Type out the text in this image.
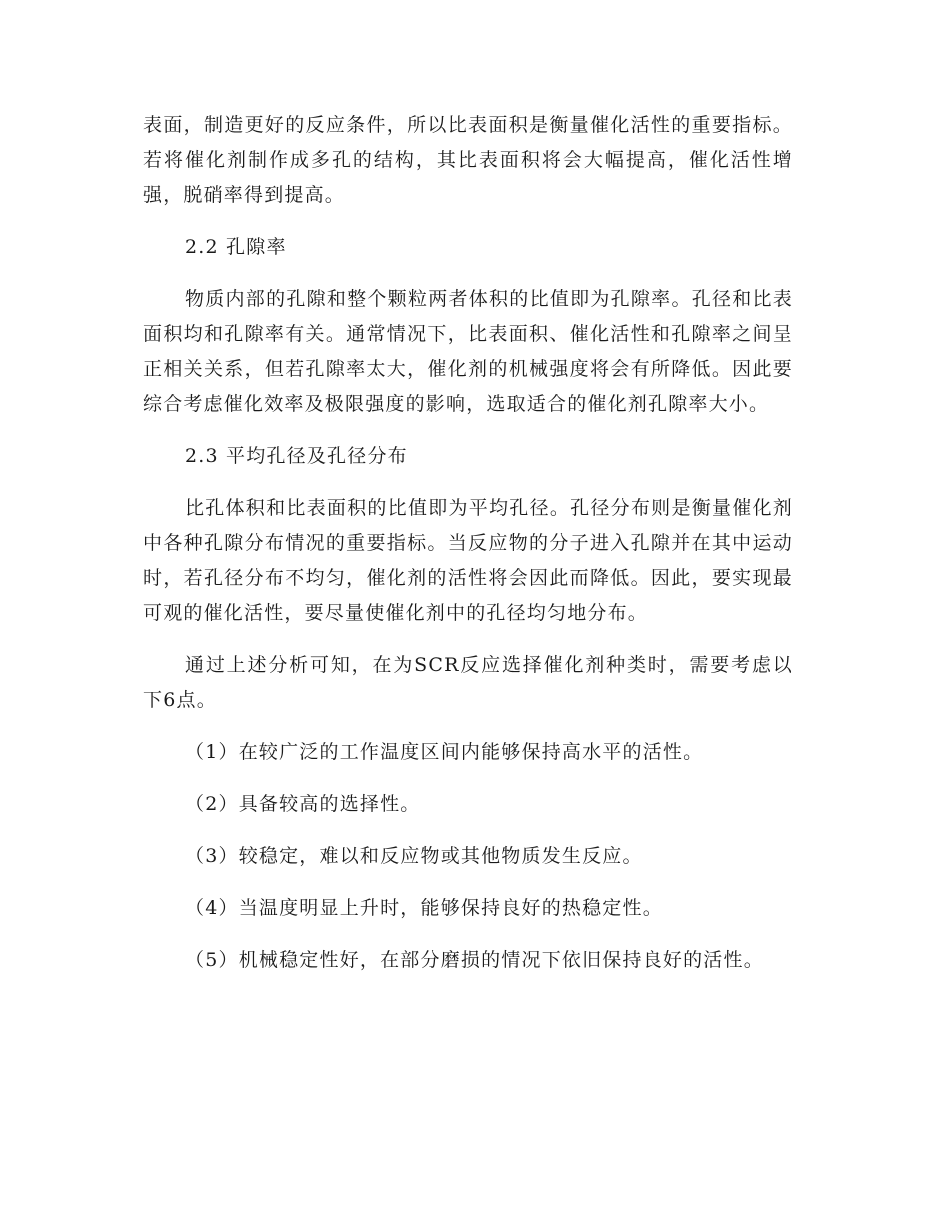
表面，制造更好的反应条件，所以比表面积是衡量催化活性的重要指标。若将催化剂制作成多孔的结构，其比表面积将会大幅提高，催化活性增强，脱硝率得到提高。

2.2 孔隙率

物质内部的孔隙和整个颗粒两者体积的比值即为孔隙率。孔径和比表面积均和孔隙率有关。通常情况下，比表面积、催化活性和孔隙率之间呈正相关关系，但若孔隙率太大，催化剂的机械强度将会有所降低。因此要综合考虑催化效率及极限强度的影响，选取适合的催化剂孔隙率大小。

2.3 平均孔径及孔径分布

比孔体积和比表面积的比值即为平均孔径。孔径分布则是衡量催化剂中各种孔隙分布情况的重要指标。当反应物的分子进入孔隙并在其中运动时，若孔径分布不均匀，催化剂的活性将会因此而降低。因此，要实现最可观的催化活性，要尽量使催化剂中的孔径均匀地分布。

通过上述分析可知，在为SCR反应选择催化剂种类时，需要考虑以下6点。

（1）在较广泛的工作温度区间内能够保持高水平的活性。

（2）具备较高的选择性。

（3）较稳定，难以和反应物或其他物质发生反应。

（4）当温度明显上升时，能够保持良好的热稳定性。

（5）机械稳定性好，在部分磨损的情况下依旧保持良好的活性。
